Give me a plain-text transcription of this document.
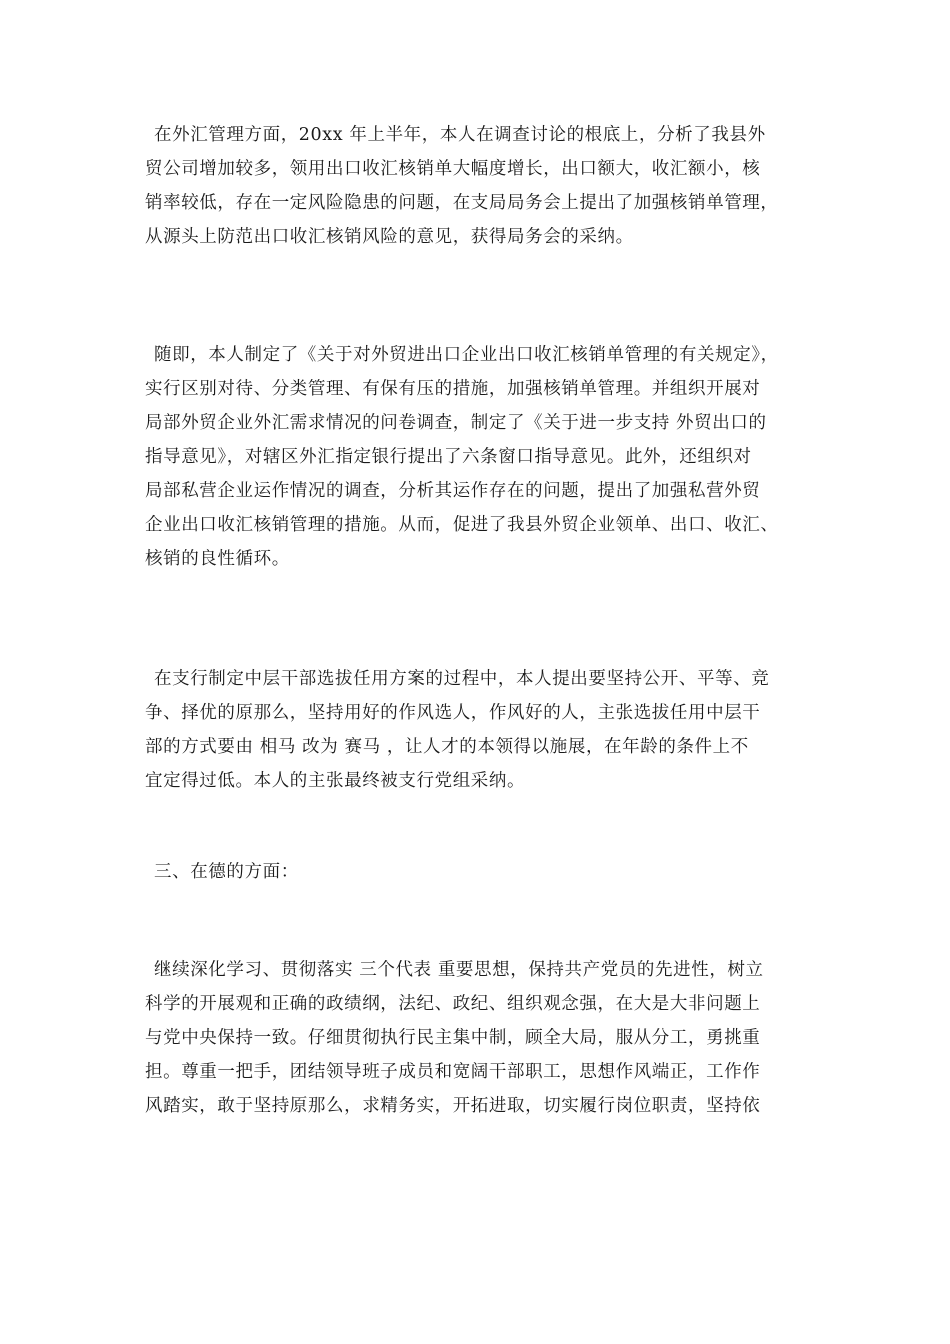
在外汇管理方面，20xx 年上半年，本人在调查讨论的根底上，分析了我县外
贸公司增加较多，领用出口收汇核销单大幅度增长，出口额大，收汇额小，核
销率较低，存在一定风险隐患的问题，在支局局务会上提出了加强核销单管理，
从源头上防范出口收汇核销风险的意见，获得局务会的采纳。
随即，本人制定了《关于对外贸进出口企业出口收汇核销单管理的有关规定》，
实行区别对待、分类管理、有保有压的措施，加强核销单管理。并组织开展对
局部外贸企业外汇需求情况的问卷调查，制定了《关于进一步支持 外贸出口的
指导意见》，对辖区外汇指定银行提出了六条窗口指导意见。此外，还组织对
局部私营企业运作情况的调查，分析其运作存在的问题，提出了加强私营外贸
企业出口收汇核销管理的措施。从而，促进了我县外贸企业领单、出口、收汇、
核销的良性循环。
在支行制定中层干部选拔任用方案的过程中，本人提出要坚持公开、平等、竞
争、择优的原那么，坚持用好的作风选人，作风好的人，主张选拔任用中层干
部的方式要由 相马 改为 赛马 ，让人才的本领得以施展，在年龄的条件上不
宜定得过低。本人的主张最终被支行党组采纳。
三、在德的方面：
继续深化学习、贯彻落实 三个代表 重要思想，保持共产党员的先进性，树立
科学的开展观和正确的政绩纲，法纪、政纪、组织观念强，在大是大非问题上
与党中央保持一致。仔细贯彻执行民主集中制，顾全大局，服从分工，勇挑重
担。尊重一把手，团结领导班子成员和宽阔干部职工，思想作风端正，工作作
风踏实，敢于坚持原那么，求精务实，开拓进取，切实履行岗位职责，坚持依
